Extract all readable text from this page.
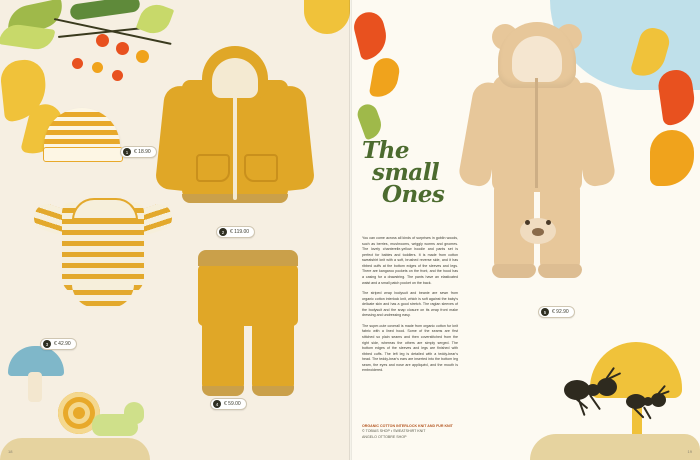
1	€ 18.90
2	€ 119.00
3	€ 42.90
4	€ 59.00
18
5	€ 92.90
The
small
Ones

You can come across all kinds of surprises in goblin woods, such as berries, mushrooms, wriggly worms and gnomes. The lovely chanterelle-yellow hoodie and pants set is perfect for babies and toddlers. It is made from cotton sweatshirt knit with a soft, brushed reverse side, and it has ribbed cuffs at the bottom edges of the sleeves and legs. There are kangaroo pockets on the front, and the hood has a casing for a drawstring. The pants have an elasticated waist and a small patch pocket on the back.

The striped wrap bodysuit and beanie are sewn from organic cotton interlock knit, which is soft against the baby's delicate skin and has a good stretch. The raglan sleeves of the bodysuit and the snap closure on its wrap front make dressing and undressing easy.

The super-cute coverall is made from organic cotton fur knit fabric with a lined hood. Some of the seams are first stitched so plain seams and then coverstitched from the right side, whereas the others are simply serged. The bottom edges of the sleeves and legs are finished with ribbed cuffs. The left leg is detailed with a teddy-bear's head. The teddy-bear's ears are inserted into the bottom leg seam, the eyes and nose are appliquéd, and the mouth is embroidered.

ORGANIC COTTON INTERLOCK KNIT AND FUR KNIT
© TOBIAS SHOP • SWEATSHIRT KNIT
ANGELO OTTOBRE SHOP
19
